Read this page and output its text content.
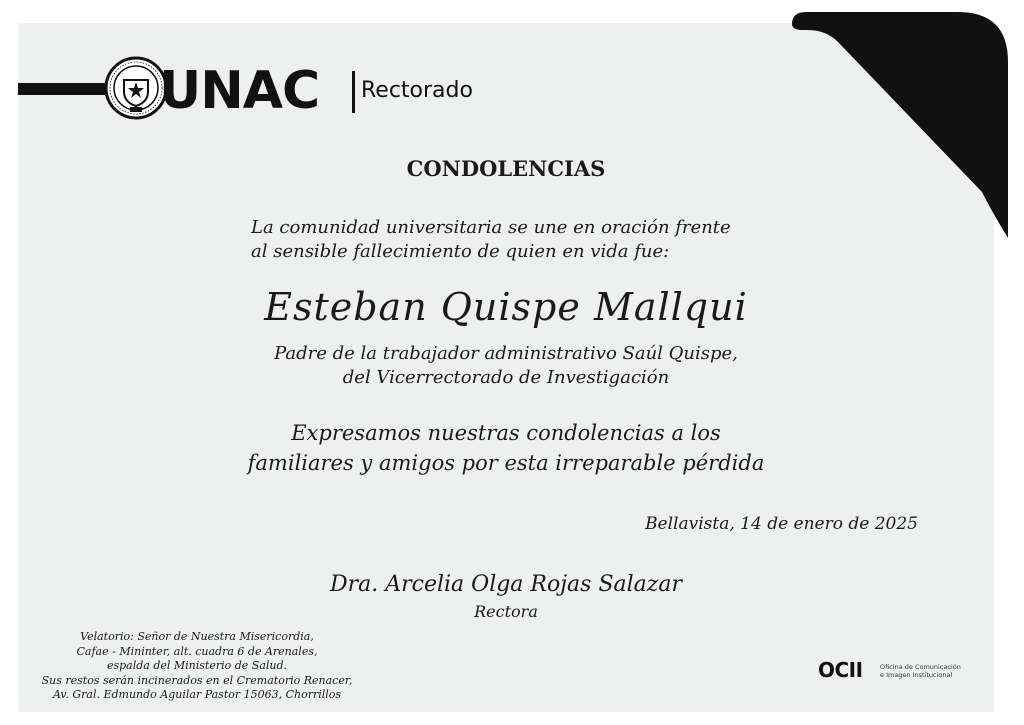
UNAC Rectorado
CONDOLENCIAS
La comunidad universitaria se une en oración frente
al sensible fallecimiento de quien en vida fue:
Esteban Quispe Mallqui
Padre de la trabajador administrativo Saúl Quispe,
del Vicerrectorado de Investigación
Expresamos nuestras condolencias a los
familiares y amigos por esta irreparable pérdida
Bellavista, 14 de enero de 2025
Dra. Arcelia Olga Rojas Salazar
Rectora
Velatorio: Señor de Nuestra Misericordia,
Cafae - Mininter, alt. cuadra 6 de Arenales,
espalda del Ministerio de Salud.
Sus restos serán incinerados en el Crematorio Renacer,
Av. Gral. Edmundo Aguilar Pastor 15063, Chorrillos
OCII	Oficina de Comunicación
e Imagen Institucional
